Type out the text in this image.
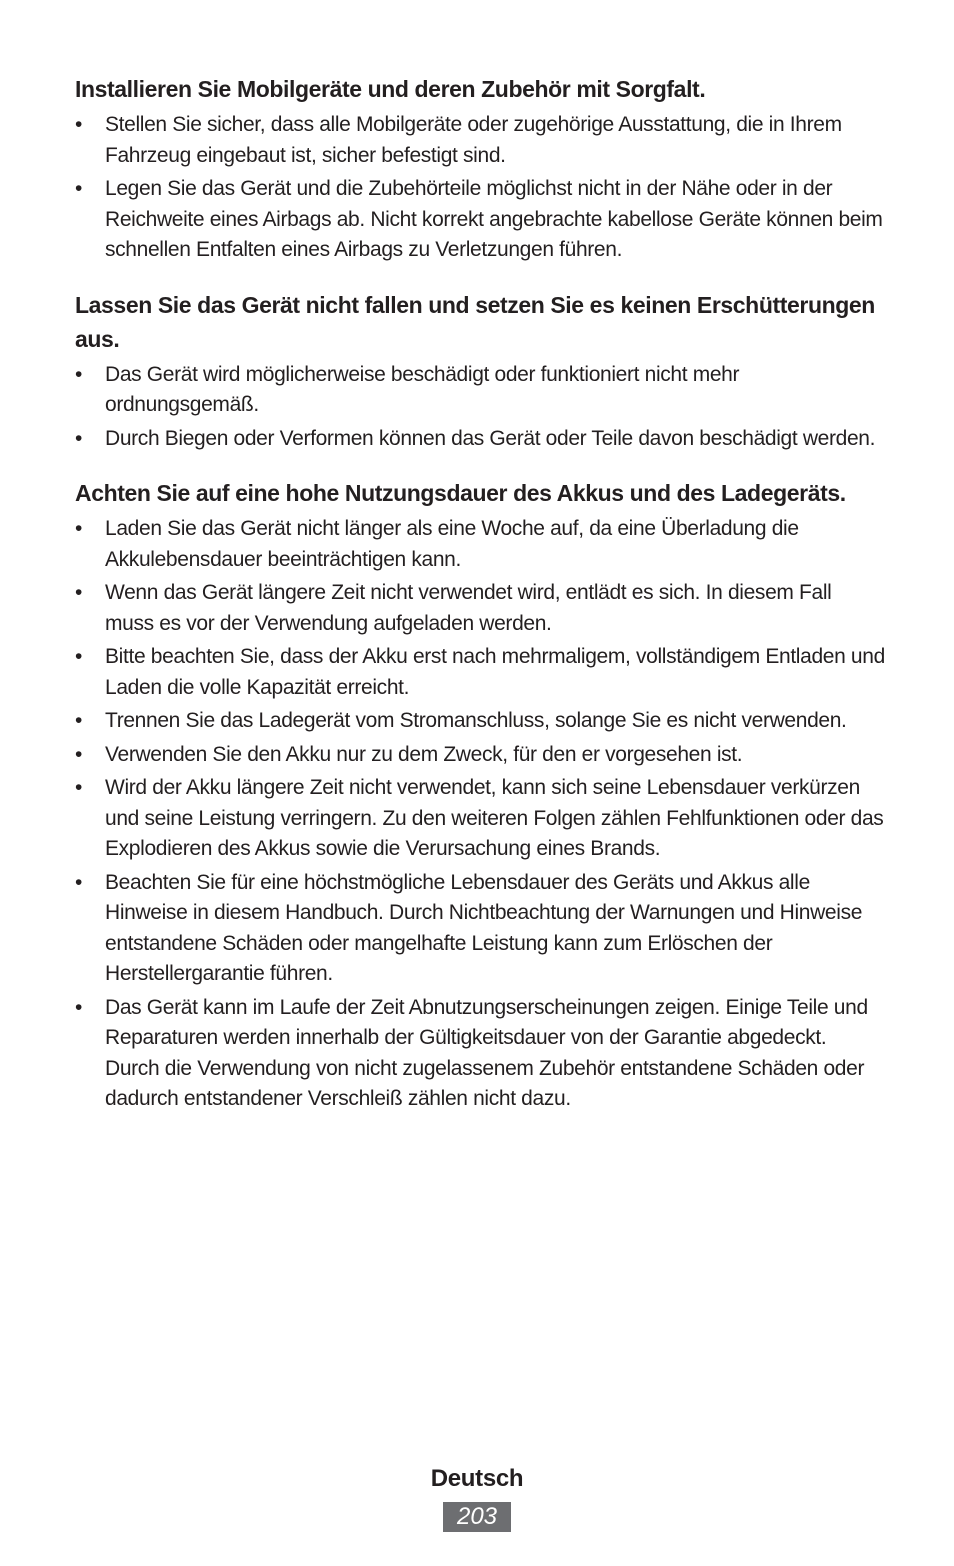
Installieren Sie Mobilgeräte und deren Zubehör mit Sorgfalt.
• Stellen Sie sicher, dass alle Mobilgeräte oder zugehörige Ausstattung, die in Ihrem Fahrzeug eingebaut ist, sicher befestigt sind.
• Legen Sie das Gerät und die Zubehörteile möglichst nicht in der Nähe oder in der Reichweite eines Airbags ab. Nicht korrekt angebrachte kabellose Geräte können beim schnellen Entfalten eines Airbags zu Verletzungen führen.
Lassen Sie das Gerät nicht fallen und setzen Sie es keinen Erschütterungen aus.
• Das Gerät wird möglicherweise beschädigt oder funktioniert nicht mehr ordnungsgemäß.
• Durch Biegen oder Verformen können das Gerät oder Teile davon beschädigt werden.
Achten Sie auf eine hohe Nutzungsdauer des Akkus und des Ladegeräts.
• Laden Sie das Gerät nicht länger als eine Woche auf, da eine Überladung die Akkulebensdauer beeinträchtigen kann.
• Wenn das Gerät längere Zeit nicht verwendet wird, entlädt es sich. In diesem Fall muss es vor der Verwendung aufgeladen werden.
• Bitte beachten Sie, dass der Akku erst nach mehrmaligem, vollständigem Entladen und Laden die volle Kapazität erreicht.
• Trennen Sie das Ladegerät vom Stromanschluss, solange Sie es nicht verwenden.
• Verwenden Sie den Akku nur zu dem Zweck, für den er vorgesehen ist.
• Wird der Akku längere Zeit nicht verwendet, kann sich seine Lebensdauer verkürzen und seine Leistung verringern. Zu den weiteren Folgen zählen Fehlfunktionen oder das Explodieren des Akkus sowie die Verursachung eines Brands.
• Beachten Sie für eine höchstmögliche Lebensdauer des Geräts und Akkus alle Hinweise in diesem Handbuch. Durch Nichtbeachtung der Warnungen und Hinweise entstandene Schäden oder mangelhafte Leistung kann zum Erlöschen der Herstellergarantie führen.
• Das Gerät kann im Laufe der Zeit Abnutzungserscheinungen zeigen. Einige Teile und Reparaturen werden innerhalb der Gültigkeitsdauer von der Garantie abgedeckt. Durch die Verwendung von nicht zugelassenem Zubehör entstandene Schäden oder dadurch entstandener Verschleiß zählen nicht dazu.
Deutsch
203
